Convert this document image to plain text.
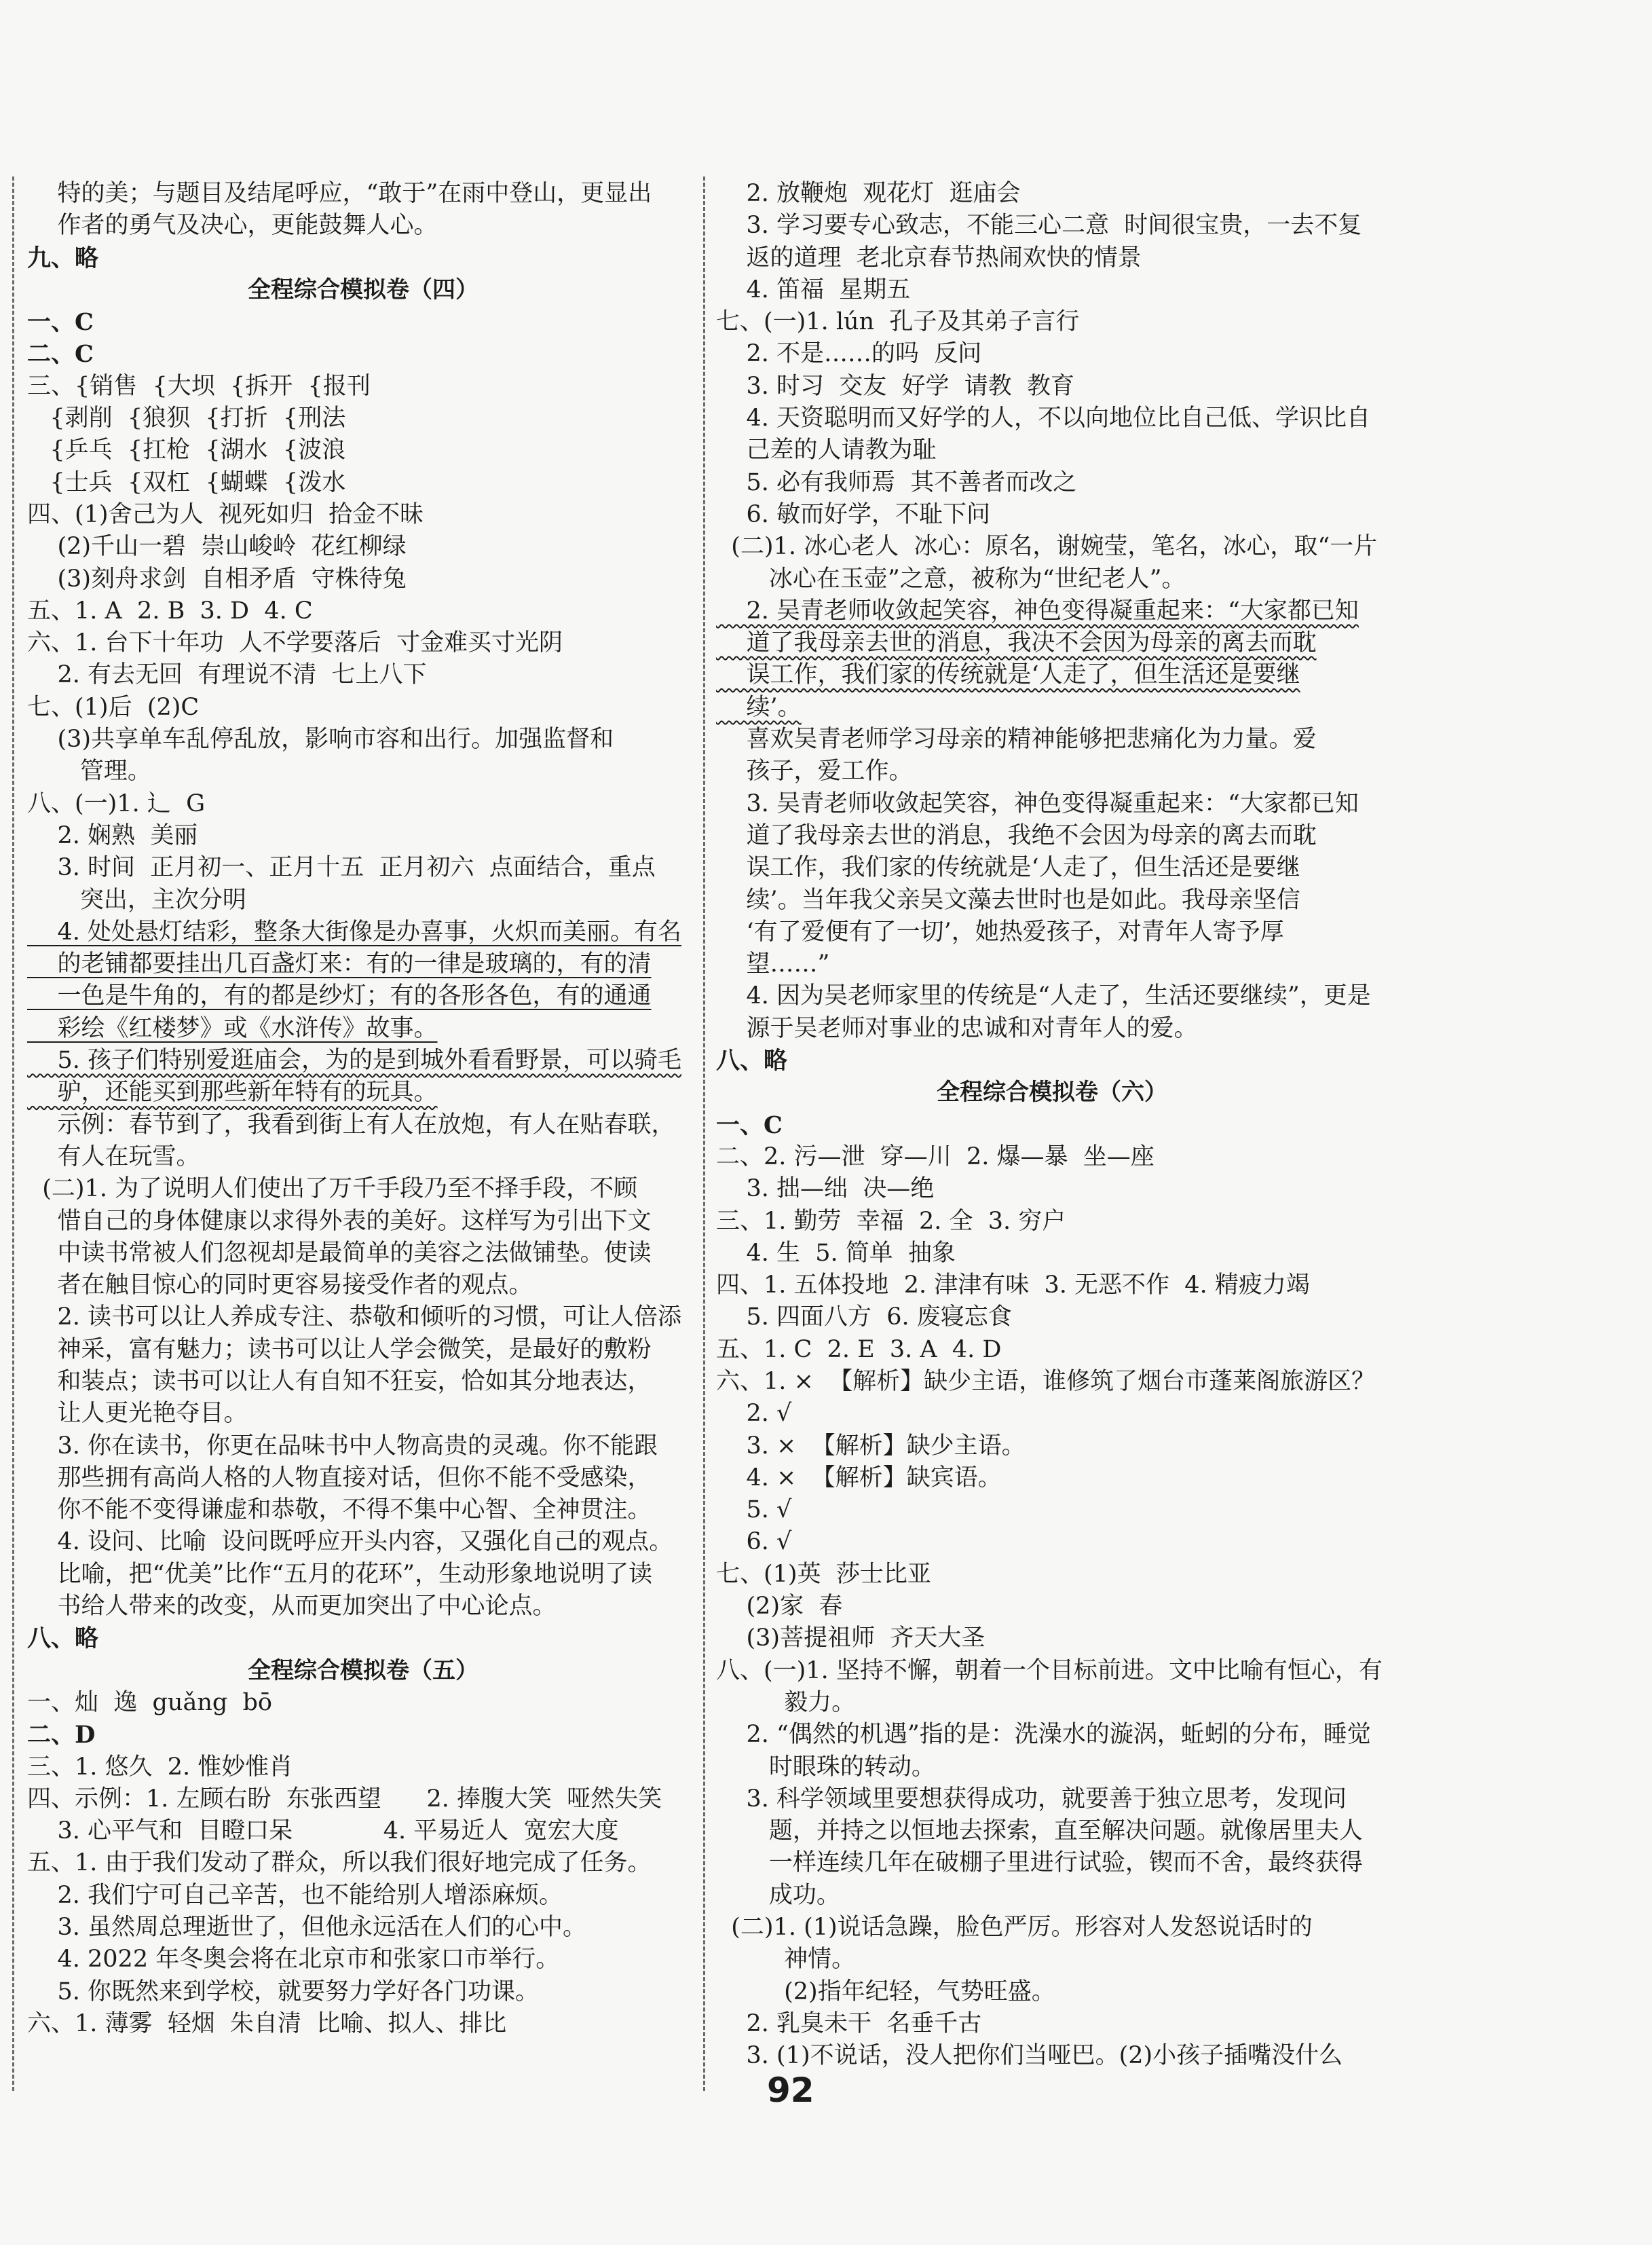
特的美；与题目及结尾呼应，“敢于”在雨中登山，更显出

作者的勇气及决心，更能鼓舞人心。

九、略

全程综合模拟卷（四）

一、C

二、C

三、{销售  {大坝  {拆开  {报刊

{剥削  {狼狈  {打折  {刑法

{乒乓  {扛枪  {湖水  {波浪

{士兵  {双杠  {蝴蝶  {泼水

四、(1)舍己为人  视死如归  拾金不昧

(2)千山一碧  崇山峻岭  花红柳绿

(3)刻舟求剑  自相矛盾  守株待兔

五、1. A  2. B  3. D  4. C

六、1. 台下十年功  人不学要落后  寸金难买寸光阴

2. 有去无回  有理说不清  七上八下

七、(1)后  (2)C

(3)共享单车乱停乱放，影响市容和出行。加强监督和

管理。

八、(一)1. 辶  G

2. 娴熟  美丽

3. 时间  正月初一、正月十五  正月初六  点面结合，重点

突出，主次分明

4. 处处悬灯结彩，整条大街像是办喜事，火炽而美丽。有名

的老铺都要挂出几百盏灯来：有的一律是玻璃的，有的清

一色是牛角的，有的都是纱灯；有的各形各色，有的通通

彩绘《红楼梦》或《水浒传》故事。

5. 孩子们特别爱逛庙会，为的是到城外看看野景，可以骑毛

驴，还能买到那些新年特有的玩具。

示例：春节到了，我看到街上有人在放炮，有人在贴春联，

有人在玩雪。

(二)1. 为了说明人们使出了万千手段乃至不择手段，不顾

惜自己的身体健康以求得外表的美好。这样写为引出下文

中读书常被人们忽视却是最简单的美容之法做铺垫。使读

者在触目惊心的同时更容易接受作者的观点。

2. 读书可以让人养成专注、恭敬和倾听的习惯，可让人倍添

神采，富有魅力；读书可以让人学会微笑，是最好的敷粉

和装点；读书可以让人有自知不狂妄，恰如其分地表达，

让人更光艳夺目。

3. 你在读书，你更在品味书中人物高贵的灵魂。你不能跟

那些拥有高尚人格的人物直接对话，但你不能不受感染，

你不能不变得谦虚和恭敬，不得不集中心智、全神贯注。

4. 设问、比喻  设问既呼应开头内容，又强化自己的观点。

比喻，把“优美”比作“五月的花环”，生动形象地说明了读

书给人带来的改变，从而更加突出了中心论点。

八、略

全程综合模拟卷（五）

一、灿  逸  guǎng  bō

二、D

三、1. 悠久  2. 惟妙惟肖

四、示例：1. 左顾右盼  东张西望      2. 捧腹大笑  哑然失笑

3. 心平气和  目瞪口呆            4. 平易近人  宽宏大度

五、1. 由于我们发动了群众，所以我们很好地完成了任务。

2. 我们宁可自己辛苦，也不能给别人增添麻烦。

3. 虽然周总理逝世了，但他永远活在人们的心中。

4. 2022 年冬奥会将在北京市和张家口市举行。

5. 你既然来到学校，就要努力学好各门功课。

六、1. 薄雾  轻烟  朱自清  比喻、拟人、排比

2. 放鞭炮  观花灯  逛庙会

3. 学习要专心致志，不能三心二意  时间很宝贵，一去不复

返的道理  老北京春节热闹欢快的情景

4. 笛福  星期五

七、(一)1. lún  孔子及其弟子言行

2. 不是……的吗  反问

3. 时习  交友  好学  请教  教育

4. 天资聪明而又好学的人，不以向地位比自己低、学识比自

己差的人请教为耻

5. 必有我师焉  其不善者而改之

6. 敏而好学，不耻下问

(二)1. 冰心老人  冰心：原名，谢婉莹，笔名，冰心，取“一片

冰心在玉壶”之意，被称为“世纪老人”。

2. 吴青老师收敛起笑容，神色变得凝重起来：“大家都已知

道了我母亲去世的消息，我决不会因为母亲的离去而耽

误工作，我们家的传统就是‘人走了，但生活还是要继

续’。

喜欢吴青老师学习母亲的精神能够把悲痛化为力量。爱

孩子，爱工作。

3. 吴青老师收敛起笑容，神色变得凝重起来：“大家都已知

道了我母亲去世的消息，我绝不会因为母亲的离去而耽

误工作，我们家的传统就是‘人走了，但生活还是要继

续’。当年我父亲吴文藻去世时也是如此。我母亲坚信

‘有了爱便有了一切’，她热爱孩子，对青年人寄予厚

望……”

4. 因为吴老师家里的传统是“人走了，生活还要继续”，更是

源于吴老师对事业的忠诚和对青年人的爱。

八、略

全程综合模拟卷（六）

一、C

二、2. 污—泄  穿—川  2. 爆—暴  坐—座

3. 拙—绌  决—绝

三、1. 勤劳  幸福  2. 全  3. 穷户

4. 生  5. 简单  抽象

四、1. 五体投地  2. 津津有味  3. 无恶不作  4. 精疲力竭

5. 四面八方  6. 废寝忘食

五、1. C  2. E  3. A  4. D

六、1. ×  【解析】缺少主语，谁修筑了烟台市蓬莱阁旅游区？

2. √

3. ×  【解析】缺少主语。

4. ×  【解析】缺宾语。

5. √

6. √

七、(1)英  莎士比亚

(2)家  春

(3)菩提祖师  齐天大圣

八、(一)1. 坚持不懈，朝着一个目标前进。文中比喻有恒心，有

毅力。

2. “偶然的机遇”指的是：洗澡水的漩涡，蚯蚓的分布，睡觉

时眼珠的转动。

3. 科学领域里要想获得成功，就要善于独立思考，发现问

题，并持之以恒地去探索，直至解决问题。就像居里夫人

一样连续几年在破棚子里进行试验，锲而不舍，最终获得

成功。

(二)1. (1)说话急躁，脸色严厉。形容对人发怒说话时的

神情。

(2)指年纪轻，气势旺盛。

2. 乳臭未干  名垂千古

3. (1)不说话，没人把你们当哑巴。(2)小孩子插嘴没什么

92
